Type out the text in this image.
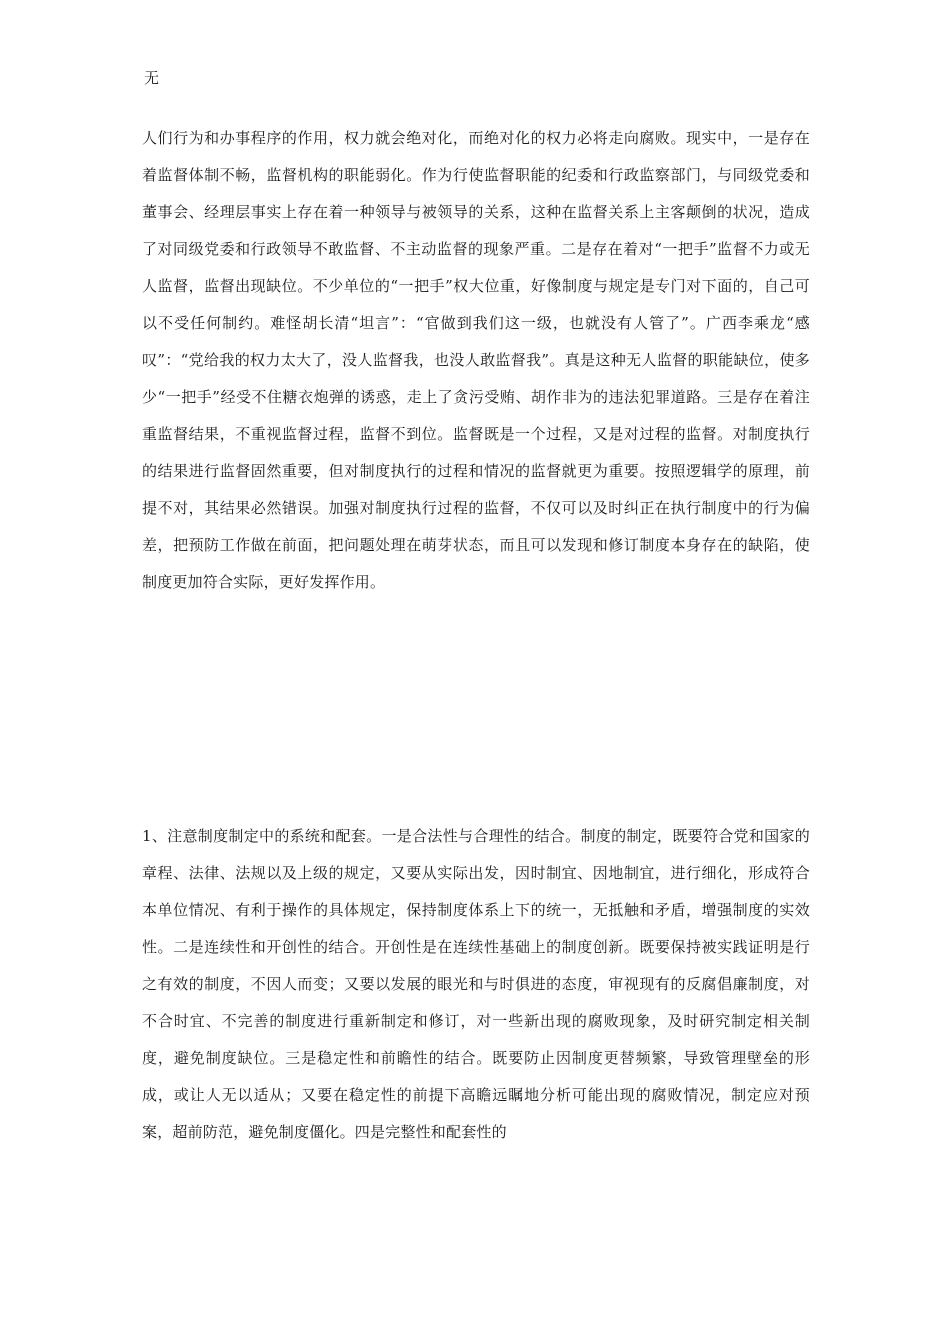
无

人们行为和办事程序的作用，权力就会绝对化，而绝对化的权力必将走向腐败。现实中，一是存在着监督体制不畅，监督机构的职能弱化。作为行使监督职能的纪委和行政监察部门，与同级党委和董事会、经理层事实上存在着一种领导与被领导的关系，这种在监督关系上主客颠倒的状况，造成了对同级党委和行政领导不敢监督、不主动监督的现象严重。二是存在着对“一把手”监督不力或无人监督，监督出现缺位。不少单位的“一把手”权大位重，好像制度与规定是专门对下面的，自己可以不受任何制约。难怪胡长清“坦言”：“官做到我们这一级，也就没有人管了”。广西李乘龙“感叹”：“党给我的权力太大了，没人监督我，也没人敢监督我”。真是这种无人监督的职能缺位，使多少“一把手”经受不住糖衣炮弹的诱惑，走上了贪污受贿、胡作非为的违法犯罪道路。三是存在着注重监督结果，不重视监督过程，监督不到位。监督既是一个过程，又是对过程的监督。对制度执行的结果进行监督固然重要，但对制度执行的过程和情况的监督就更为重要。按照逻辑学的原理，前提不对，其结果必然错误。加强对制度执行过程的监督，不仅可以及时纠正在执行制度中的行为偏差，把预防工作做在前面，把问题处理在萌芽状态，而且可以发现和修订制度本身存在的缺陷，使制度更加符合实际，更好发挥作用。

1、注意制度制定中的系统和配套。一是合法性与合理性的结合。制度的制定，既要符合党和国家的章程、法律、法规以及上级的规定，又要从实际出发，因时制宜、因地制宜，进行细化，形成符合本单位情况、有利于操作的具体规定，保持制度体系上下的统一，无抵触和矛盾，增强制度的实效性。二是连续性和开创性的结合。开创性是在连续性基础上的制度创新。既要保持被实践证明是行之有效的制度，不因人而变；又要以发展的眼光和与时俱进的态度，审视现有的反腐倡廉制度，对不合时宜、不完善的制度进行重新制定和修订，对一些新出现的腐败现象，及时研究制定相关制度，避免制度缺位。三是稳定性和前瞻性的结合。既要防止因制度更替频繁，导致管理壁垒的形成，或让人无以适从；又要在稳定性的前提下高瞻远瞩地分析可能出现的腐败情况，制定应对预案，超前防范，避免制度僵化。四是完整性和配套性的
